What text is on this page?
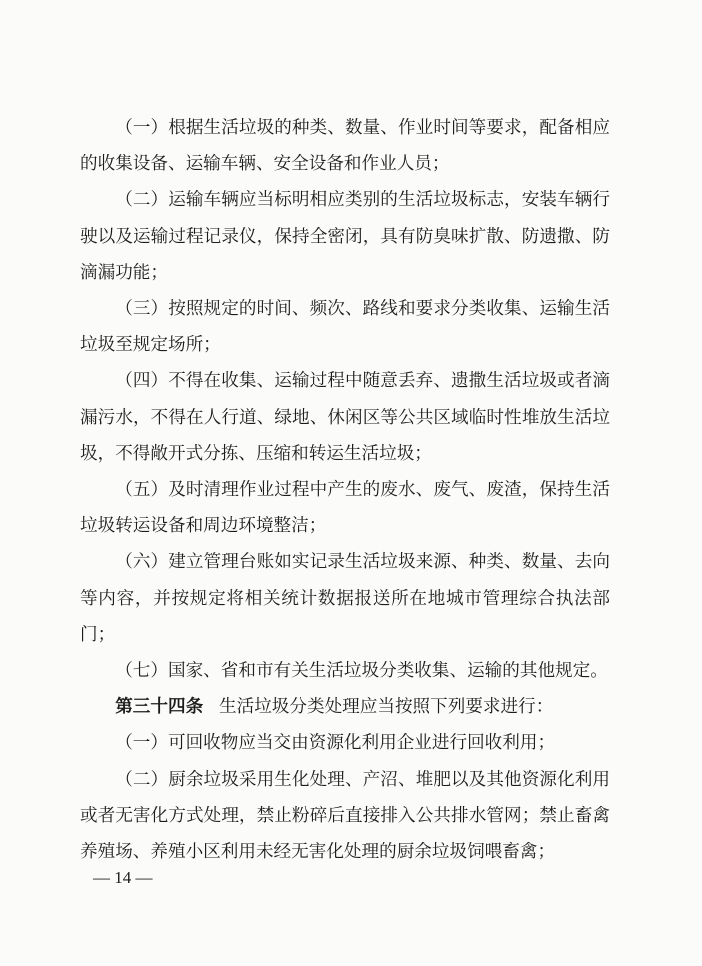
（一）根据生活垃圾的种类、数量、作业时间等要求，配备相应的收集设备、运输车辆、安全设备和作业人员；

（二）运输车辆应当标明相应类别的生活垃圾标志，安装车辆行驶以及运输过程记录仪，保持全密闭，具有防臭味扩散、防遗撒、防滴漏功能；

（三）按照规定的时间、频次、路线和要求分类收集、运输生活垃圾至规定场所；

（四）不得在收集、运输过程中随意丢弃、遗撒生活垃圾或者滴漏污水，不得在人行道、绿地、休闲区等公共区域临时性堆放生活垃圾，不得敞开式分拣、压缩和转运生活垃圾；

（五）及时清理作业过程中产生的废水、废气、废渣，保持生活垃圾转运设备和周边环境整洁；

（六）建立管理台账如实记录生活垃圾来源、种类、数量、去向等内容，并按规定将相关统计数据报送所在地城市管理综合执法部门；

（七）国家、省和市有关生活垃圾分类收集、运输的其他规定。

第三十四条 生活垃圾分类处理应当按照下列要求进行：

（一）可回收物应当交由资源化利用企业进行回收利用；

（二）厨余垃圾采用生化处理、产沼、堆肥以及其他资源化利用或者无害化方式处理，禁止粉碎后直接排入公共排水管网；禁止畜禽养殖场、养殖小区利用未经无害化处理的厨余垃圾饲喂畜禽；

— 14 —
